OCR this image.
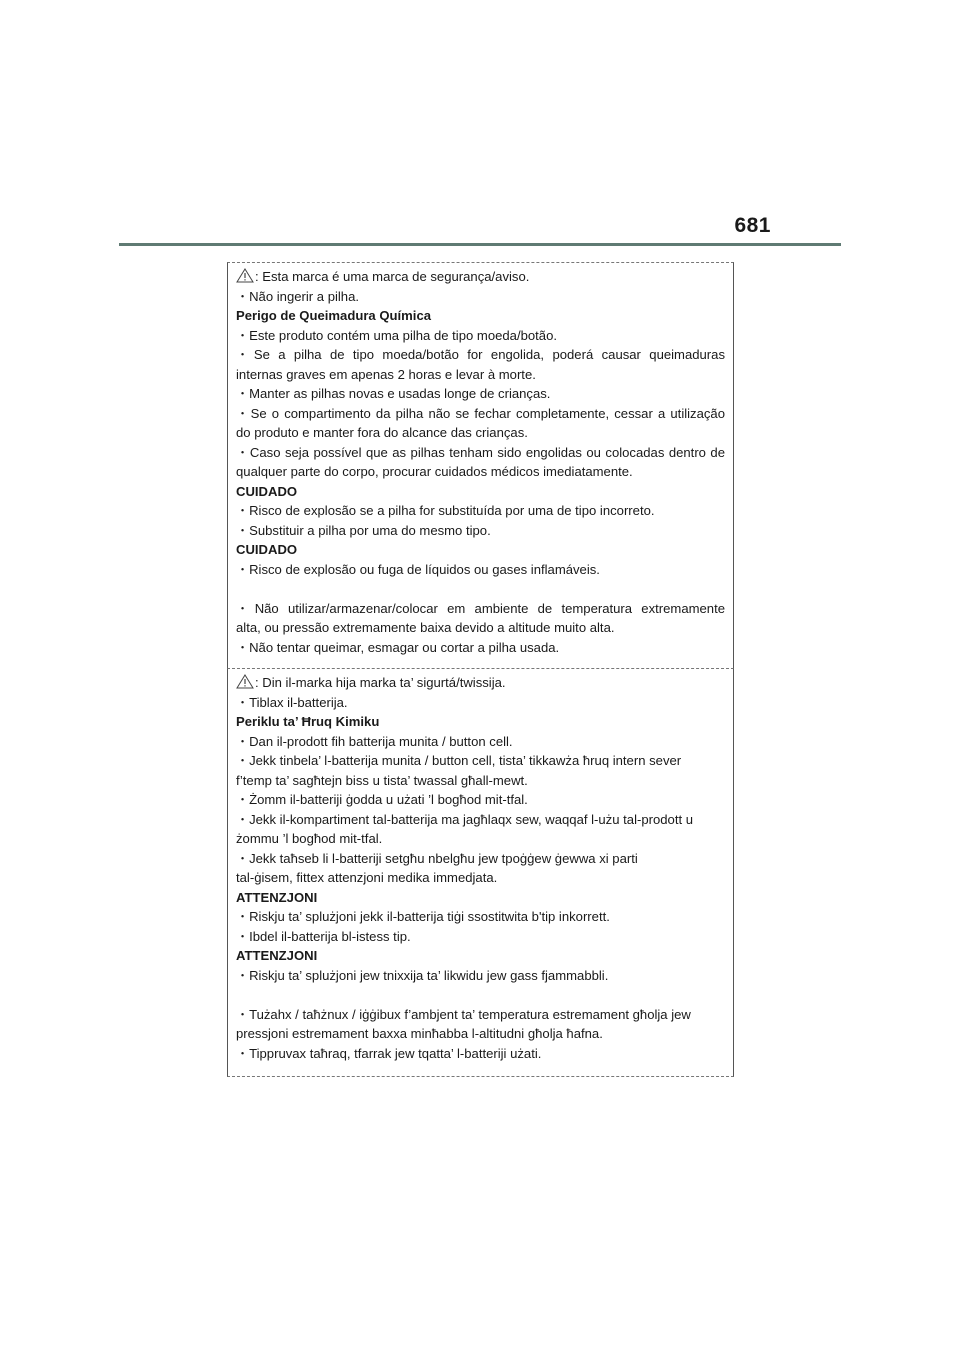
681
: Esta marca é uma marca de segurança/aviso.
・Não ingerir a pilha.
Perigo de Queimadura Química
・Este produto contém uma pilha de tipo moeda/botão.
・Se a pilha de tipo moeda/botão for engolida, poderá causar queimaduras
internas graves em apenas 2 horas e levar à morte.
・Manter as pilhas novas e usadas longe de crianças.
・Se o compartimento da pilha não se fechar completamente, cessar a utilização
do produto e manter fora do alcance das crianças.
・Caso seja possível que as pilhas tenham sido engolidas ou colocadas dentro de
qualquer parte do corpo, procurar cuidados médicos imediatamente.
CUIDADO
・Risco de explosão se a pilha for substituída por uma de tipo incorreto.
・Substituir a pilha por uma do mesmo tipo.
CUIDADO
・Risco de explosão ou fuga de líquidos ou gases inflamáveis.
・Não utilizar/armazenar/colocar em ambiente de temperatura extremamente
alta, ou pressão extremamente baixa devido a altitude muito alta.
・Não tentar queimar, esmagar ou cortar a pilha usada.
: Din il-marka hija marka ta’ sigurtá/twissija.
・Tiblax il-batterija.
Periklu ta’ Ħruq Kimiku
・Dan il-prodott fih batterija munita / button cell.
・Jekk tinbela’ l-batterija munita / button cell, tista’ tikkawża ħruq intern sever
f’temp ta’ sagħtejn biss u tista’ twassal għall-mewt.
・Żomm il-batteriji ġodda u użati ’l bogħod mit-tfal.
・Jekk il-kompartiment tal-batterija ma jagħlaqx sew, waqqaf l-użu tal-prodott u
żommu ’l bogħod mit-tfal.
・Jekk taħseb li l-batteriji setgħu nbelgħu jew tpoġġew ġewwa xi parti
tal-ġisem, fittex attenzjoni medika immedjata.
ATTENZJONI
・Riskju ta’ splużjoni jekk il-batterija tiġi ssostitwita b'tip inkorrett.
・Ibdel il-batterija bl-istess tip.
ATTENZJONI
・Riskju ta’ splużjoni jew tnixxija ta’ likwidu jew gass fjammabbli.
・Tużahx / taħżnux / iġġibux f’ambjent ta’ temperatura estremament għolja jew
pressjoni estremament baxxa minħabba l-altitudni għolja ħafna.
・Tippruvax taħraq, tfarrak jew tqatta’ l-batteriji użati.
